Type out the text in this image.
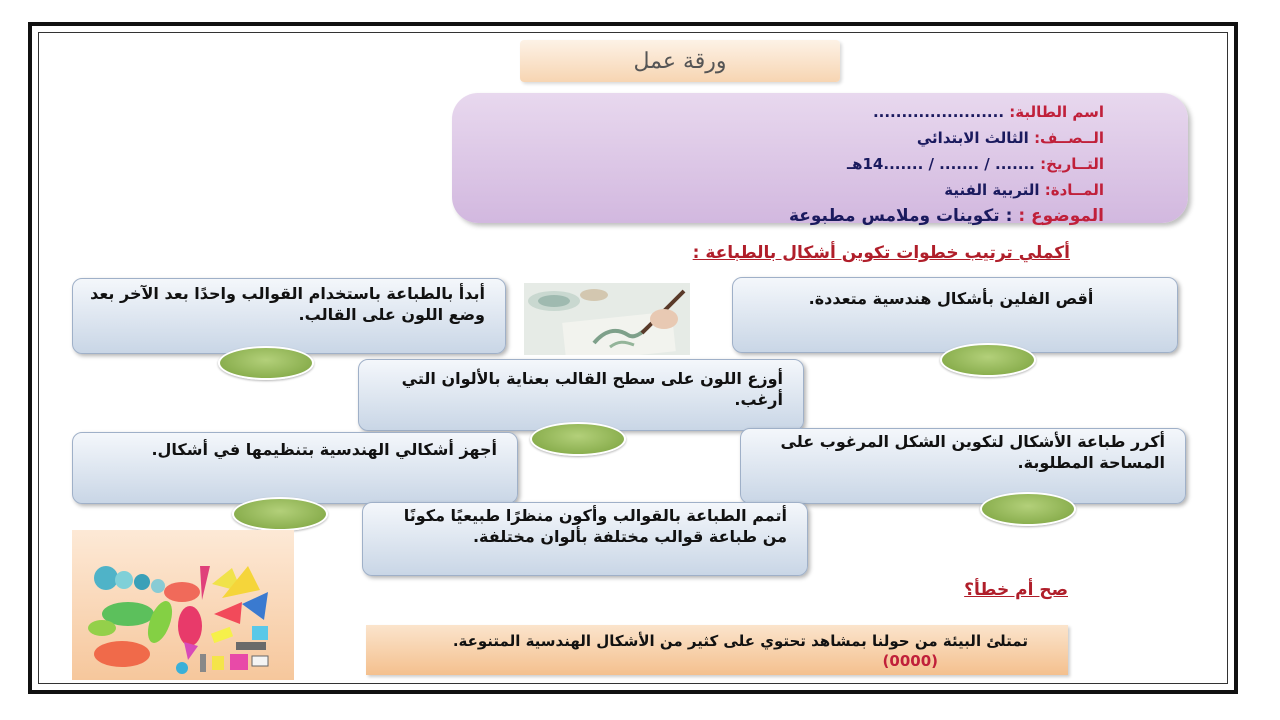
ورقة عمل
اسم الطالبة: .......................
الــصــف: الثالث الابتدائي
التــاريخ: ....... / ....... / .......14هـ
المــادة: التربية الفنية
الموضوع : : تكوينات وملامس مطبوعة
أكملي ترتيب خطوات تكوين أشكال بالطباعة :
أقص الفلين بأشكال هندسية متعددة.
أبدأ بالطباعة باستخدام القوالب واحدًا بعد الآخر بعد وضع اللون على القالب.
أوزع اللون على سطح القالب بعناية بالألوان التي أرغب.
أكرر طباعة الأشكال لتكوين الشكل المرغوب على المساحة المطلوبة.
أجهز أشكالي الهندسية بتنظيمها في أشكال.
أتمم الطباعة بالقوالب وأكون منظرًا طبيعيًا مكونًا من طباعة قوالب مختلفة بألوان مختلفة.
صح أم خطأ؟
تمتلئ البيئة من حولنا بمشاهد تحتوي على كثير من الأشكال الهندسية المتنوعة. (0000)
